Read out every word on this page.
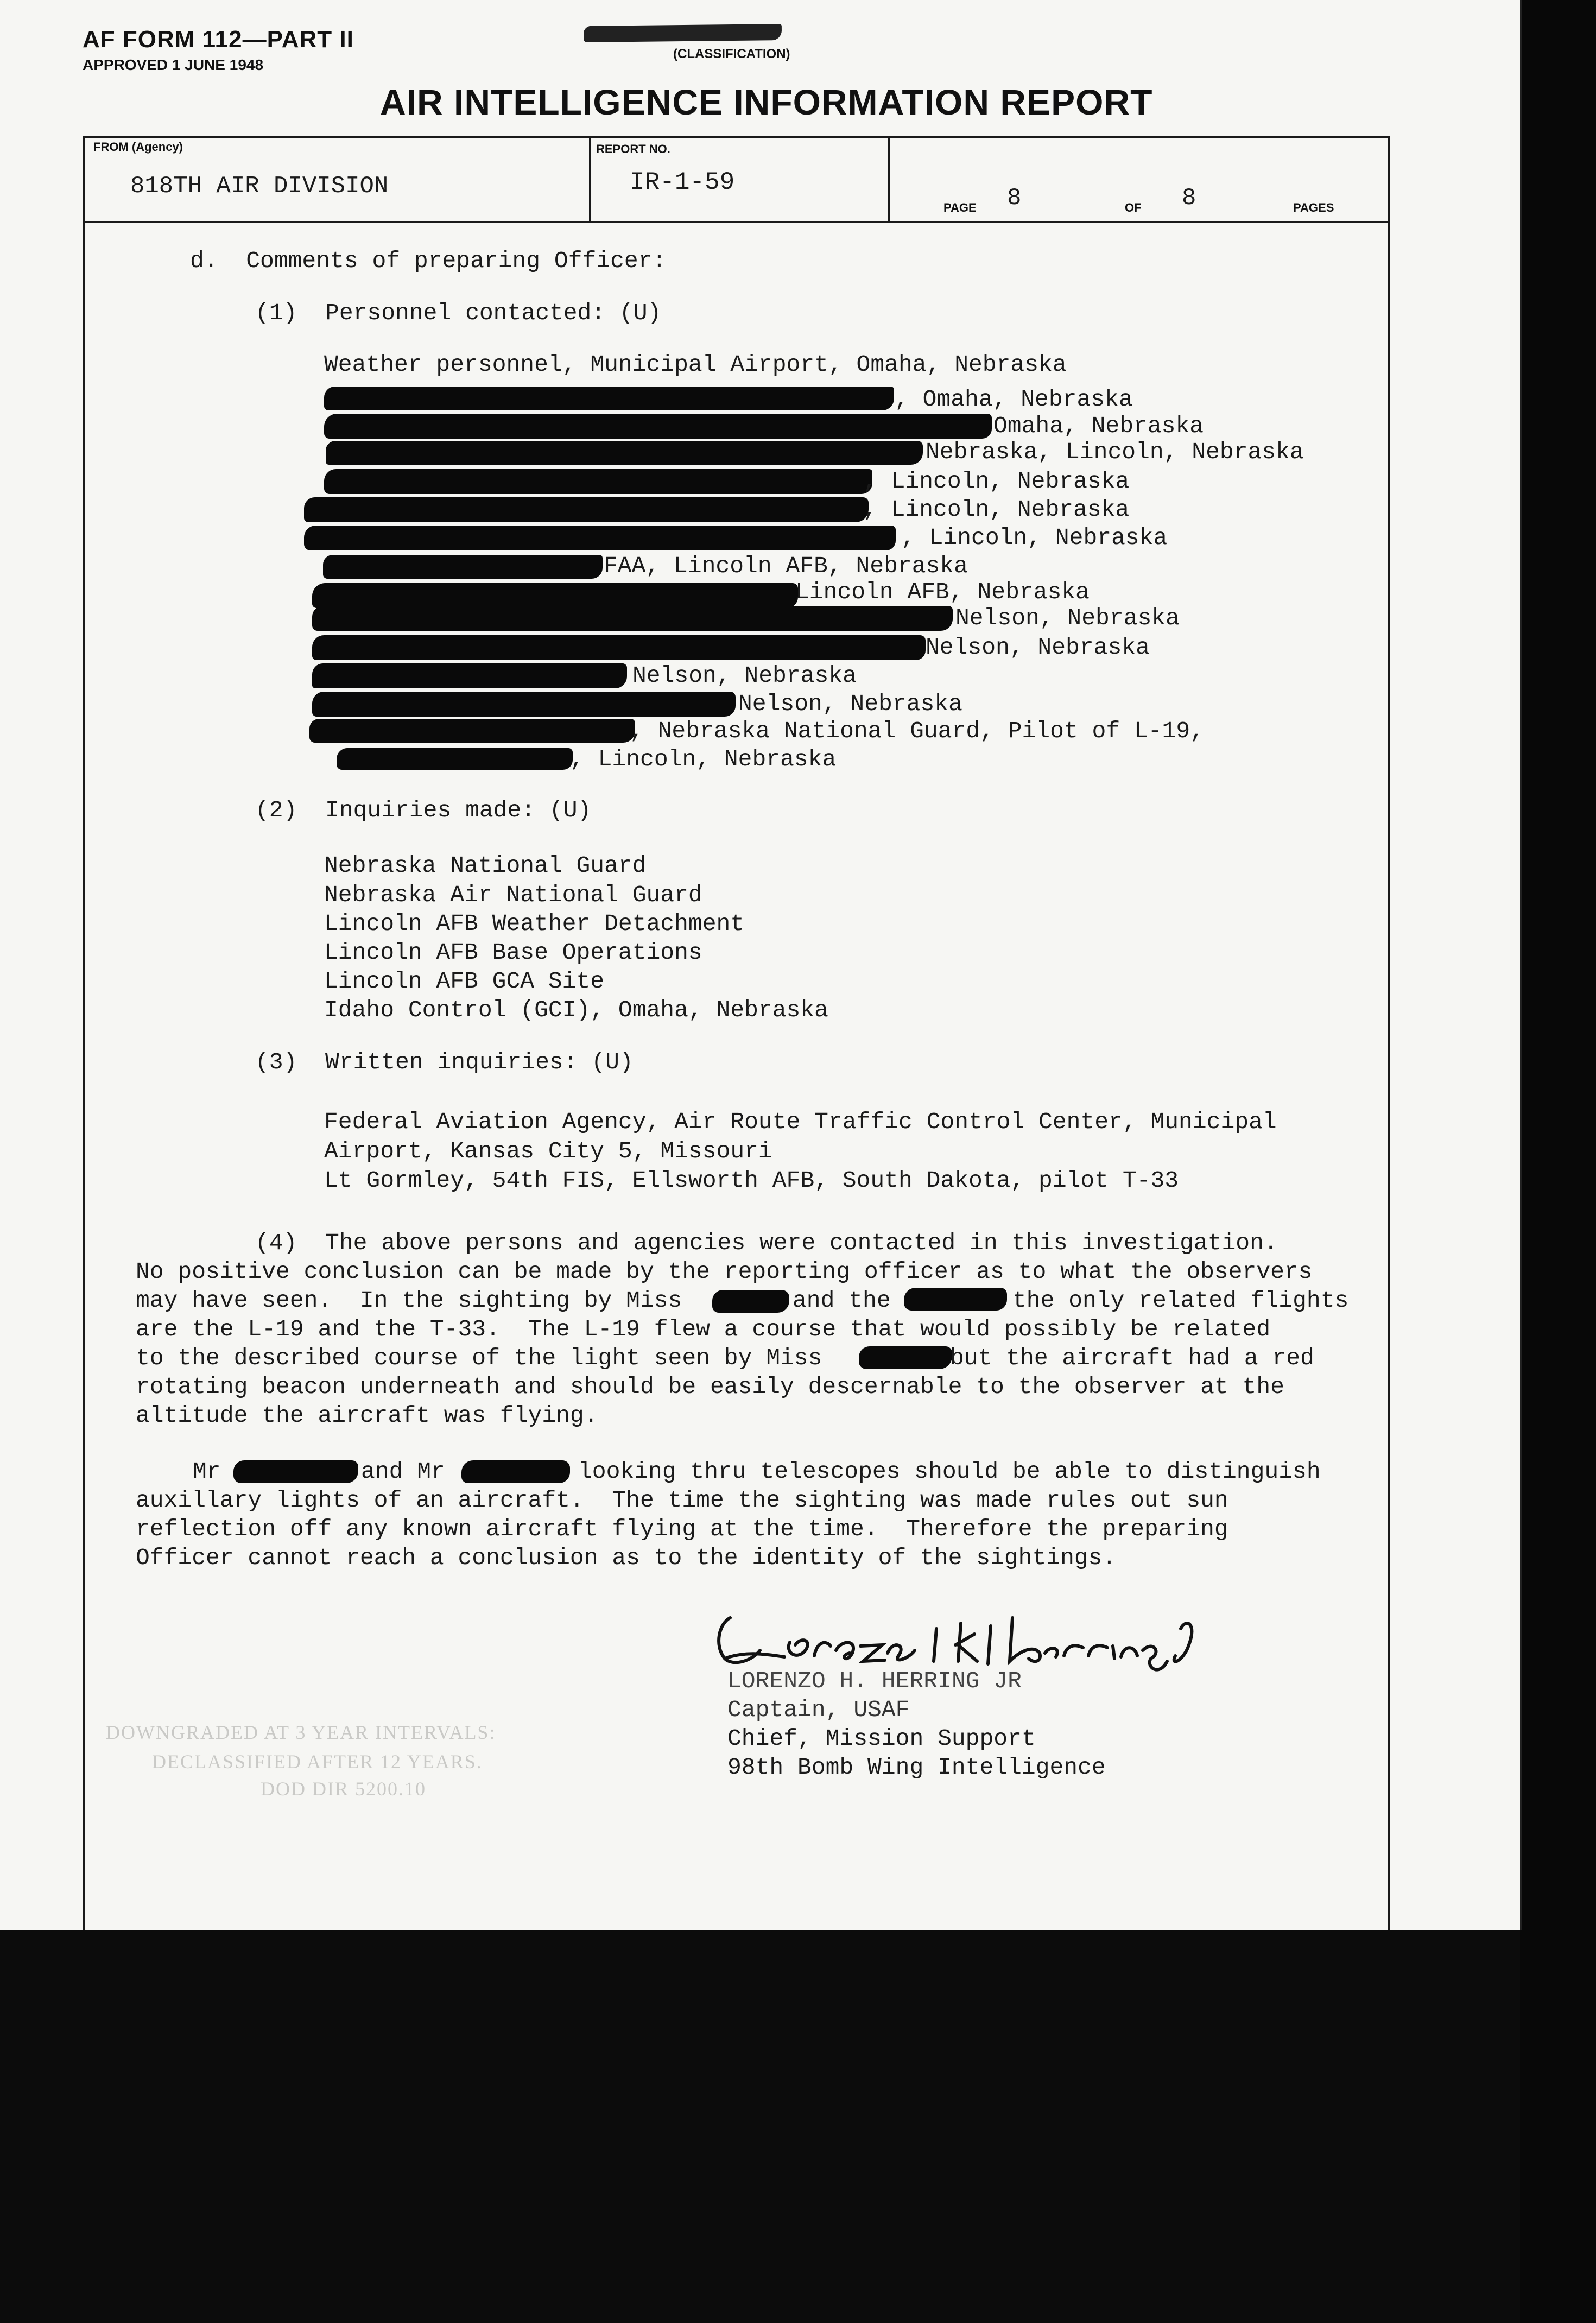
AF FORM 112—PART II
APPROVED 1 JUNE 1948
(CLASSIFICATION)
AIR INTELLIGENCE INFORMATION REPORT
FROM (Agency)
818TH AIR DIVISION
REPORT NO.
IR-1-59
PAGE 8	OF 8	PAGES
d.  Comments of preparing Officer:
(1)  Personnel contacted: (U)
Weather personnel, Municipal Airport, Omaha, Nebraska
, Omaha, Nebraska
Omaha, Nebraska
Nebraska, Lincoln, Nebraska
, Lincoln, Nebraska
, Lincoln, Nebraska
, Lincoln, Nebraska
FAA, Lincoln AFB, Nebraska
Lincoln AFB, Nebraska
Nelson, Nebraska
Nelson, Nebraska
Nelson, Nebraska
Nelson, Nebraska
, Nebraska National Guard, Pilot of L-19,
, Lincoln, Nebraska
(2)  Inquiries made: (U)
Nebraska National Guard
Nebraska Air National Guard
Lincoln AFB Weather Detachment
Lincoln AFB Base Operations
Lincoln AFB GCA Site
Idaho Control (GCI), Omaha, Nebraska
(3)  Written inquiries: (U)
Federal Aviation Agency, Air Route Traffic Control Center, Municipal
Airport, Kansas City 5, Missouri
Lt Gormley, 54th FIS, Ellsworth AFB, South Dakota, pilot T-33
(4)  The above persons and agencies were contacted in this investigation.
No positive conclusion can be made by the reporting officer as to what the observers
may have seen.  In the sighting by Miss	and the	the only related flights
are the L-19 and the T-33.  The L-19 flew a course that would possibly be related
to the described course of the light seen by Miss	but the aircraft had a red
rotating beacon underneath and should be easily descernable to the observer at the
altitude the aircraft was flying.
Mr	and Mr	looking thru telescopes should be able to distinguish
auxillary lights of an aircraft.  The time the sighting was made rules out sun
reflection off any known aircraft flying at the time.  Therefore the preparing
Officer cannot reach a conclusion as to the identity of the sightings.
LORENZO H. HERRING JR
Captain, USAF
Chief, Mission Support
98th Bomb Wing Intelligence
DOWNGRADED AT 3 YEAR INTERVALS:
DECLASSIFIED AFTER 12 YEARS.
DOD DIR 5200.10
